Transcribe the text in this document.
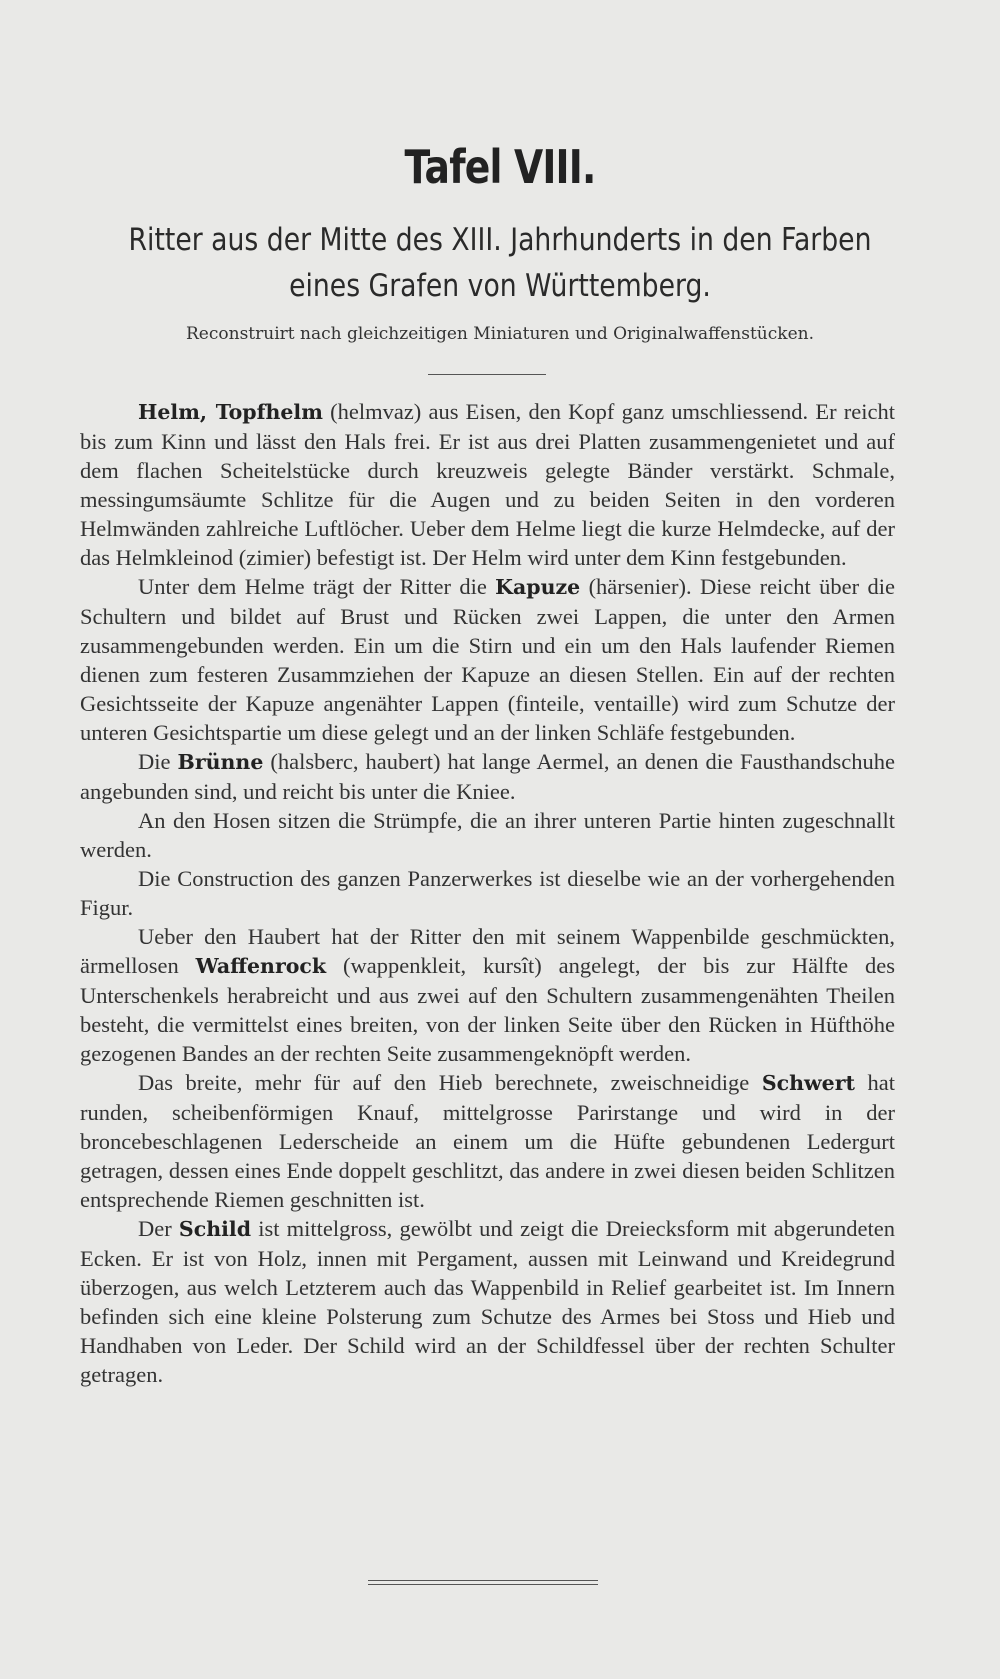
Tafel VIII.
Ritter aus der Mitte des XIII. Jahrhunderts in den Farben
eines Grafen von Württemberg.
Reconstruirt nach gleichzeitigen Miniaturen und Originalwaffenstücken.

Helm, Topfhelm (helmvaz) aus Eisen, den Kopf ganz umschliessend. Er reicht bis zum Kinn und lässt den Hals frei. Er ist aus drei Platten zusammengenietet und auf dem flachen Scheitelstücke durch kreuzweis gelegte Bänder verstärkt. Schmale, messingumsäumte Schlitze für die Augen und zu beiden Seiten in den vorderen Helmwänden zahlreiche Luftlöcher. Ueber dem Helme liegt die kurze Helmdecke, auf der das Helmkleinod (zimier) befestigt ist. Der Helm wird unter dem Kinn festgebunden.

Unter dem Helme trägt der Ritter die Kapuze (härsenier). Diese reicht über die Schultern und bildet auf Brust und Rücken zwei Lappen, die unter den Armen zusammengebunden werden. Ein um die Stirn und ein um den Hals laufender Riemen dienen zum festeren Zusammziehen der Kapuze an diesen Stellen. Ein auf der rechten Gesichtsseite der Kapuze angenähter Lappen (finteile, ventaille) wird zum Schutze der unteren Gesichtspartie um diese gelegt und an der linken Schläfe festgebunden.

Die Brünne (halsberc, haubert) hat lange Aermel, an denen die Fausthandschuhe angebunden sind, und reicht bis unter die Kniee.

An den Hosen sitzen die Strümpfe, die an ihrer unteren Partie hinten zugeschnallt werden.

Die Construction des ganzen Panzerwerkes ist dieselbe wie an der vorhergehenden Figur.

Ueber den Haubert hat der Ritter den mit seinem Wappenbilde geschmückten, ärmellosen Waffenrock (wappenkleit, kursît) angelegt, der bis zur Hälfte des Unterschenkels herabreicht und aus zwei auf den Schultern zusammengenähten Theilen besteht, die vermittelst eines breiten, von der linken Seite über den Rücken in Hüfthöhe gezogenen Bandes an der rechten Seite zusammengeknöpft werden.

Das breite, mehr für auf den Hieb berechnete, zweischneidige Schwert hat runden, scheibenförmigen Knauf, mittelgrosse Parirstange und wird in der broncebeschlagenen Lederscheide an einem um die Hüfte gebundenen Ledergurt getragen, dessen eines Ende doppelt geschlitzt, das andere in zwei diesen beiden Schlitzen entsprechende Riemen geschnitten ist.

Der Schild ist mittelgross, gewölbt und zeigt die Dreiecksform mit abgerundeten Ecken. Er ist von Holz, innen mit Pergament, aussen mit Leinwand und Kreidegrund überzogen, aus welch Letzterem auch das Wappenbild in Relief gearbeitet ist. Im Innern befinden sich eine kleine Polsterung zum Schutze des Armes bei Stoss und Hieb und Handhaben von Leder. Der Schild wird an der Schildfessel über der rechten Schulter getragen.
